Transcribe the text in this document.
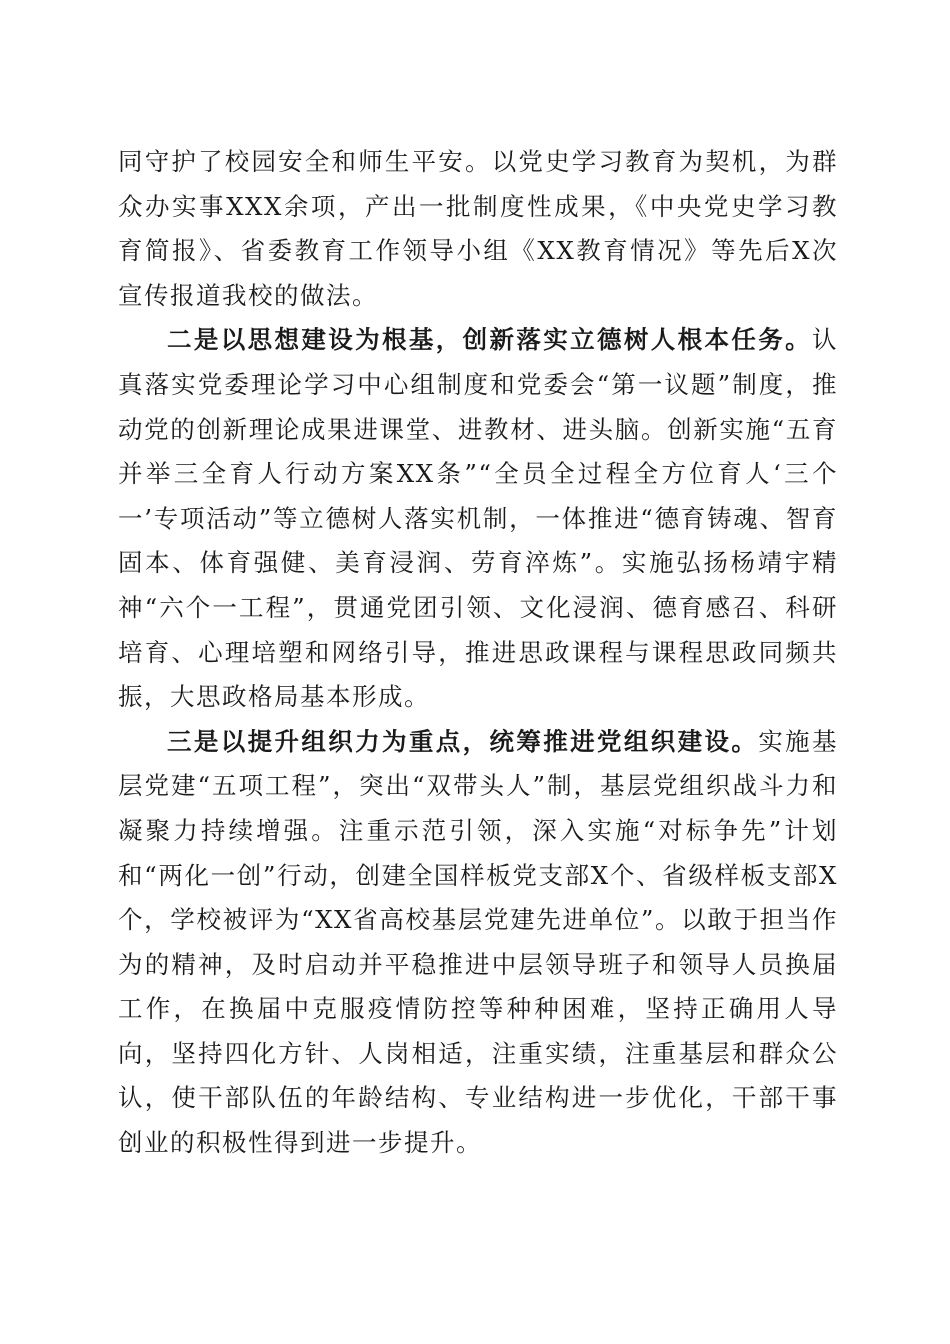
同守护了校园安全和师生平安。以党史学习教育为契机，为群众办实事XXX余项，产出一批制度性成果，《中央党史学习教育简报》、省委教育工作领导小组《XX教育情况》等先后X次宣传报道我校的做法。

二是以思想建设为根基，创新落实立德树人根本任务。认真落实党委理论学习中心组制度和党委会“第一议题”制度，推动党的创新理论成果进课堂、进教材、进头脑。创新实施“五育并举三全育人行动方案XX条”“全员全过程全方位育人‘三个一’专项活动”等立德树人落实机制，一体推进“德育铸魂、智育固本、体育强健、美育浸润、劳育淬炼”。实施弘扬杨靖宇精神“六个一工程”，贯通党团引领、文化浸润、德育感召、科研培育、心理培塑和网络引导，推进思政课程与课程思政同频共振，大思政格局基本形成。

三是以提升组织力为重点，统筹推进党组织建设。实施基层党建“五项工程”，突出“双带头人”制，基层党组织战斗力和凝聚力持续增强。注重示范引领，深入实施“对标争先”计划和“两化一创”行动，创建全国样板党支部X个、省级样板支部X个，学校被评为“XX省高校基层党建先进单位”。以敢于担当作为的精神，及时启动并平稳推进中层领导班子和领导人员换届工作，在换届中克服疫情防控等种种困难，坚持正确用人导向，坚持四化方针、人岗相适，注重实绩，注重基层和群众公认，使干部队伍的年龄结构、专业结构进一步优化，干部干事创业的积极性得到进一步提升。
